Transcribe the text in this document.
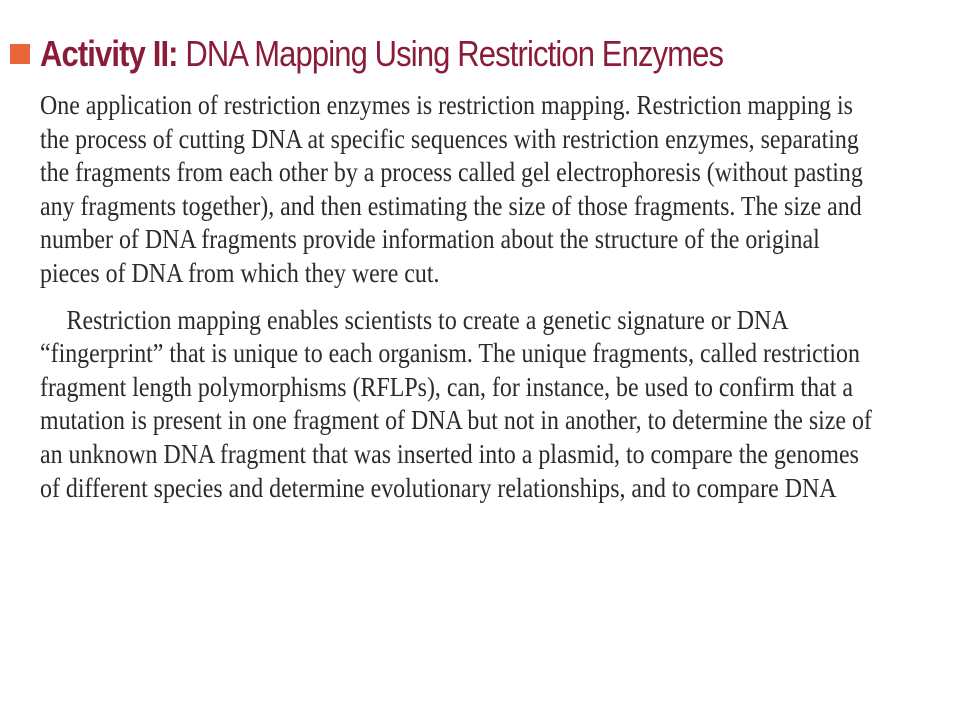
Activity II: DNA Mapping Using Restriction Enzymes
One application of restriction enzymes is restriction mapping. Restriction mapping is
the process of cutting DNA at specific sequences with restriction enzymes, separating
the fragments from each other by a process called gel electrophoresis (without pasting
any fragments together), and then estimating the size of those fragments. The size and
number of DNA fragments provide information about the structure of the original
pieces of DNA from which they were cut.
Restriction mapping enables scientists to create a genetic signature or DNA
“fingerprint” that is unique to each organism. The unique fragments, called restriction
fragment length polymorphisms (RFLPs), can, for instance, be used to confirm that a
mutation is present in one fragment of DNA but not in another, to determine the size of
an unknown DNA fragment that was inserted into a plasmid, to compare the genomes
of different species and determine evolutionary relationships, and to compare DNA
